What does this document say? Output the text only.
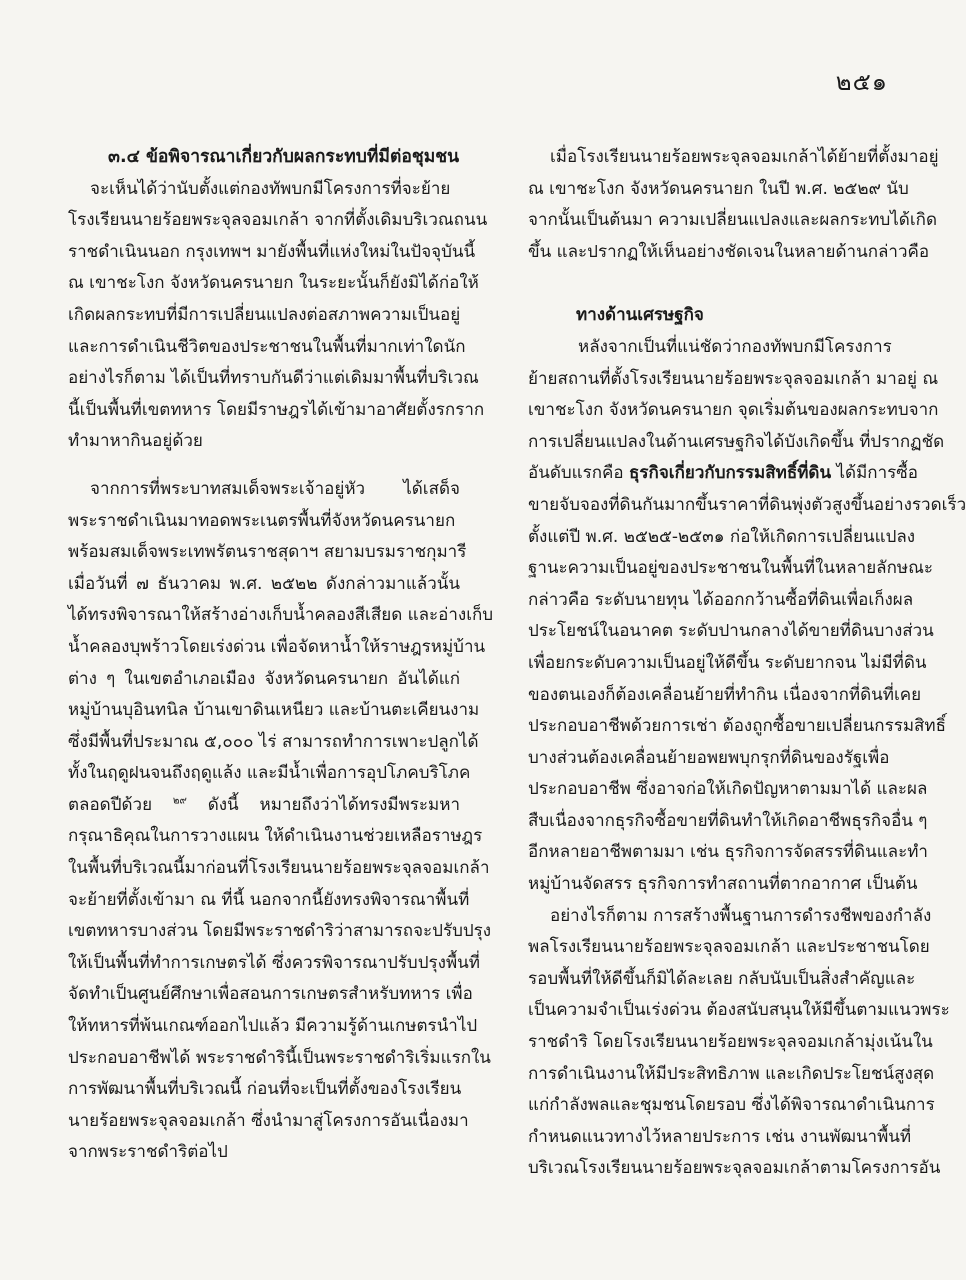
๒๕๑
๓.๔ ข้อพิจารณาเกี่ยวกับผลกระทบที่มีต่อชุมชน
จะเห็นได้ว่านับตั้งแต่กองทัพบกมีโครงการที่จะย้าย
โรงเรียนนายร้อยพระจุลจอมเกล้า จากที่ตั้งเดิมบริเวณถนน
ราชดำเนินนอก กรุงเทพฯ มายังพื้นที่แห่งใหม่ในปัจจุบันนี้
ณ เขาชะโงก จังหวัดนครนายก ในระยะนั้นก็ยังมิได้ก่อให้
เกิดผลกระทบที่มีการเปลี่ยนแปลงต่อสภาพความเป็นอยู่
และการดำเนินชีวิตของประชาชนในพื้นที่มากเท่าใดนัก
อย่างไรก็ตาม ได้เป็นที่ทราบกันดีว่าแต่เดิมมาพื้นที่บริเวณ
นี้เป็นพื้นที่เขตทหาร โดยมีราษฎรได้เข้ามาอาศัยตั้งรกราก
ทำมาหากินอยู่ด้วย
จากการที่พระบาทสมเด็จพระเจ้าอยู่หัว ได้เสด็จ
พระราชดำเนินมาทอดพระเนตรพื้นที่จังหวัดนครนายก
พร้อมสมเด็จพระเทพรัตนราชสุดาฯ สยามบรมราชกุมารี
เมื่อวันที่ ๗ ธันวาคม พ.ศ. ๒๕๒๒ ดังกล่าวมาแล้วนั้น
ได้ทรงพิจารณาให้สร้างอ่างเก็บน้ำคลองสีเสียด และอ่างเก็บ
น้ำคลองบุพร้าวโดยเร่งด่วน เพื่อจัดหาน้ำให้ราษฎรหมู่บ้าน
ต่าง ๆ ในเขตอำเภอเมือง จังหวัดนครนายก อันได้แก่
หมู่บ้านบุอินทนิล บ้านเขาดินเหนียว และบ้านตะเคียนงาม
ซึ่งมีพื้นที่ประมาณ ๕,๐๐๐ ไร่ สามารถทำการเพาะปลูกได้
ทั้งในฤดูฝนจนถึงฤดูแล้ง และมีน้ำเพื่อการอุปโภคบริโภค
ตลอดปีด้วย $^{๒๙}$ ดังนี้ หมายถึงว่าได้ทรงมีพระมหา
กรุณาธิคุณในการวางแผน ให้ดำเนินงานช่วยเหลือราษฎร
ในพื้นที่บริเวณนี้มาก่อนที่โรงเรียนนายร้อยพระจุลจอมเกล้า
จะย้ายที่ตั้งเข้ามา ณ ที่นี้ นอกจากนี้ยังทรงพิจารณาพื้นที่
เขตทหารบางส่วน โดยมีพระราชดำริว่าสามารถจะปรับปรุง
ให้เป็นพื้นที่ทำการเกษตรได้ ซึ่งควรพิจารณาปรับปรุงพื้นที่
จัดทำเป็นศูนย์ศึกษาเพื่อสอนการเกษตรสำหรับทหาร เพื่อ
ให้ทหารที่พ้นเกณฑ์ออกไปแล้ว มีความรู้ด้านเกษตรนำไป
ประกอบอาชีพได้ พระราชดำรินี้เป็นพระราชดำริเริ่มแรกใน
การพัฒนาพื้นที่บริเวณนี้ ก่อนที่จะเป็นที่ตั้งของโรงเรียน
นายร้อยพระจุลจอมเกล้า ซึ่งนำมาสู่โครงการอันเนื่องมา
จากพระราชดำริต่อไป
เมื่อโรงเรียนนายร้อยพระจุลจอมเกล้าได้ย้ายที่ตั้งมาอยู่
ณ เขาชะโงก จังหวัดนครนายก ในปี พ.ศ. ๒๕๒๙ นับ
จากนั้นเป็นต้นมา ความเปลี่ยนแปลงและผลกระทบได้เกิด
ขึ้น และปรากฏให้เห็นอย่างชัดเจนในหลายด้านกล่าวคือ
ทางด้านเศรษฐกิจ
หลังจากเป็นที่แน่ชัดว่ากองทัพบกมีโครงการ
ย้ายสถานที่ตั้งโรงเรียนนายร้อยพระจุลจอมเกล้า มาอยู่ ณ
เขาชะโงก จังหวัดนครนายก จุดเริ่มต้นของผลกระทบจาก
การเปลี่ยนแปลงในด้านเศรษฐกิจได้บังเกิดขึ้น ที่ปรากฏชัด
อันดับแรกคือ ธุรกิจเกี่ยวกับกรรมสิทธิ์ที่ดิน ได้มีการซื้อ
ขายจับจองที่ดินกันมากขึ้นราคาที่ดินพุ่งตัวสูงขึ้นอย่างรวดเร็ว
ตั้งแต่ปี พ.ศ. ๒๕๒๕-๒๕๓๑ ก่อให้เกิดการเปลี่ยนแปลง
ฐานะความเป็นอยู่ของประชาชนในพื้นที่ในหลายลักษณะ
กล่าวคือ ระดับนายทุน ได้ออกกว้านซื้อที่ดินเพื่อเก็งผล
ประโยชน์ในอนาคต ระดับปานกลางได้ขายที่ดินบางส่วน
เพื่อยกระดับความเป็นอยู่ให้ดีขึ้น ระดับยากจน ไม่มีที่ดิน
ของตนเองก็ต้องเคลื่อนย้ายที่ทำกิน เนื่องจากที่ดินที่เคย
ประกอบอาชีพด้วยการเช่า ต้องถูกซื้อขายเปลี่ยนกรรมสิทธิ์
บางส่วนต้องเคลื่อนย้ายอพยพบุกรุกที่ดินของรัฐเพื่อ
ประกอบอาชีพ ซึ่งอาจก่อให้เกิดปัญหาตามมาได้ และผล
สืบเนื่องจากธุรกิจซื้อขายที่ดินทำให้เกิดอาชีพธุรกิจอื่น ๆ
อีกหลายอาชีพตามมา เช่น ธุรกิจการจัดสรรที่ดินและทำ
หมู่บ้านจัดสรร ธุรกิจการทำสถานที่ตากอากาศ เป็นต้น
อย่างไรก็ตาม การสร้างพื้นฐานการดำรงชีพของกำลัง
พลโรงเรียนนายร้อยพระจุลจอมเกล้า และประชาชนโดย
รอบพื้นที่ให้ดีขึ้นก็มิได้ละเลย กลับนับเป็นสิ่งสำคัญและ
เป็นความจำเป็นเร่งด่วน ต้องสนับสนุนให้มีขึ้นตามแนวพระ
ราชดำริ โดยโรงเรียนนายร้อยพระจุลจอมเกล้ามุ่งเน้นใน
การดำเนินงานให้มีประสิทธิภาพ และเกิดประโยชน์สูงสุด
แก่กำลังพลและชุมชนโดยรอบ ซึ่งได้พิจารณาดำเนินการ
กำหนดแนวทางไว้หลายประการ เช่น งานพัฒนาพื้นที่
บริเวณโรงเรียนนายร้อยพระจุลจอมเกล้าตามโครงการอัน
